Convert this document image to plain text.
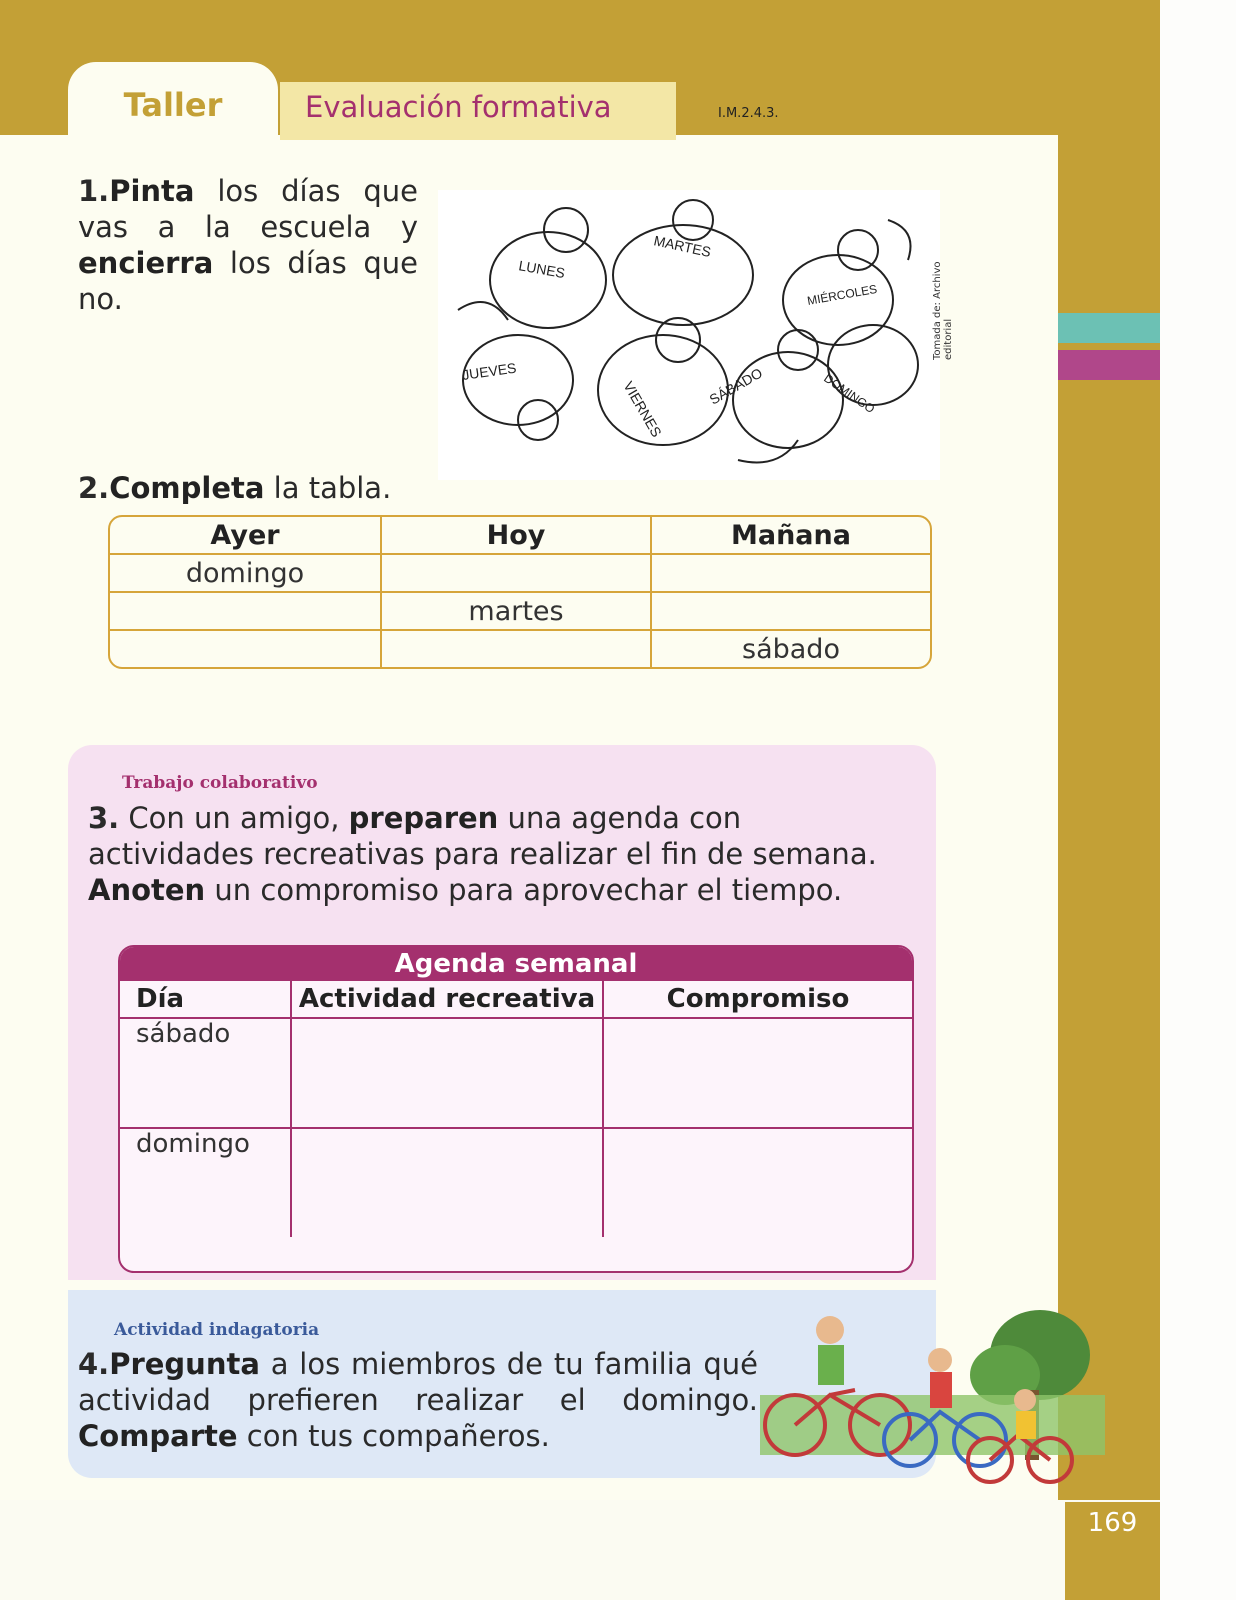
169
Taller	Evaluación formativa	I.M.2.4.3.
1.Pinta los días que vas a la escuela y encierra los días que no.
LUNES
MARTES
MIÉRCOLES
JUEVES
VIERNES	SÁBADO	DOMINGO
Tomada de: Archivo editorial
2.Completa la tabla.
Ayer	Hoy	Mañana
domingo		
	martes	
		sábado
Trabajo colaborativo
3. Con un amigo, preparen una agenda con actividades recreativas para realizar el fin de semana. Anoten un compromiso para aprovechar el tiempo.
Agenda semanal
Día	Actividad recreativa	Compromiso
sábado		
domingo		
Actividad indagatoria
4.Pregunta a los miembros de tu familia qué actividad prefieren realizar el domingo. Comparte con tus compañeros.
